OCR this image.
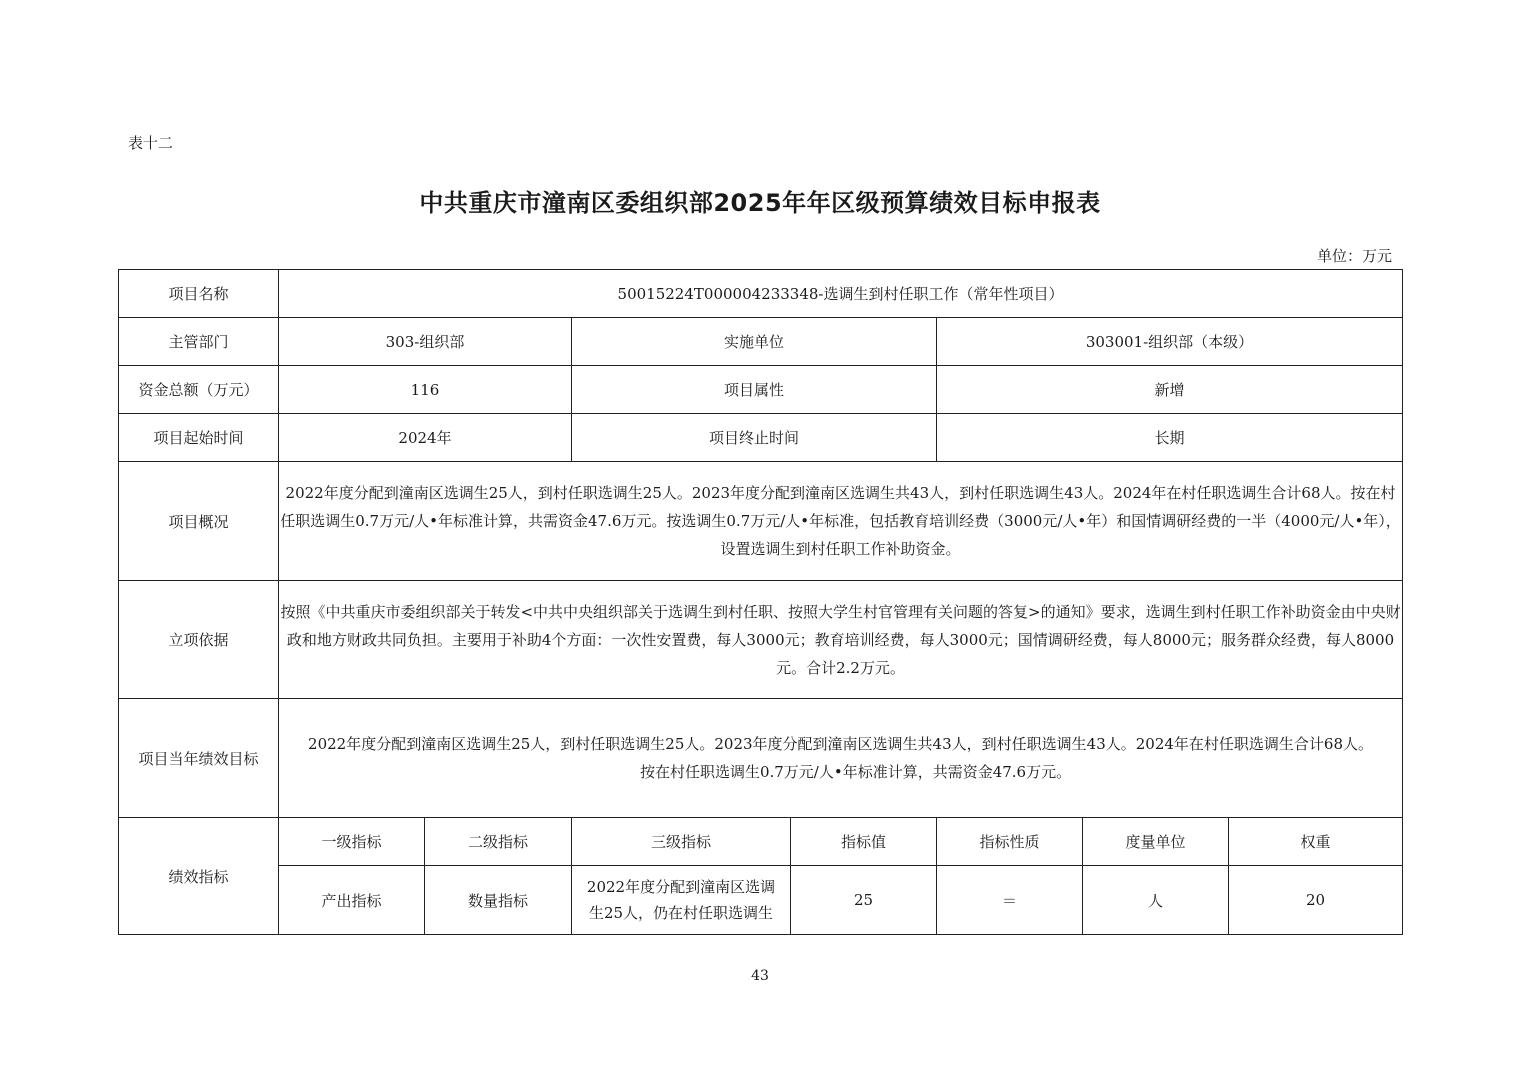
表十二
中共重庆市潼南区委组织部2025年年区级预算绩效目标申报表
单位：万元
项目名称	50015224T000004233348-选调生到村任职工作（常年性项目）						
主管部门	303-组织部		实施单位		303001-组织部（本级）		
资金总额（万元）	116		项目属性		新增		
项目起始时间	2024年		项目终止时间		长期		
项目概况	2022年度分配到潼南区选调生25人，到村任职选调生25人。2023年度分配到潼南区选调生共43人，到村任职选调生43人。2024年在村任职选调生合计68人。按在村任职选调生0.7万元/人•年标准计算，共需资金47.6万元。按选调生0.7万元/人•年标准，包括教育培训经费（3000元/人•年）和国情调研经费的一半（4000元/人•年），设置选调生到村任职工作补助资金。						
立项依据	按照《中共重庆市委组织部关于转发<中共中央组织部关于选调生到村任职、按照大学生村官管理有关问题的答复>的通知》要求，选调生到村任职工作补助资金由中央财政和地方财政共同负担。主要用于补助4个方面：一次性安置费，每人3000元；教育培训经费，每人3000元；国情调研经费，每人8000元；服务群众经费，每人8000元。合计2.2万元。						
项目当年绩效目标	2022年度分配到潼南区选调生25人，到村任职选调生25人。2023年度分配到潼南区选调生共43人，到村任职选调生43人。2024年在村任职选调生合计68人。
按在村任职选调生0.7万元/人•年标准计算，共需资金47.6万元。						

绩效指标	一级指标	二级指标	三级指标	指标值	指标性质	度量单位	权重
	产出指标	数量指标	2022年度分配到潼南区选调生25人，仍在村任职选调生	25	＝	人	20
43
